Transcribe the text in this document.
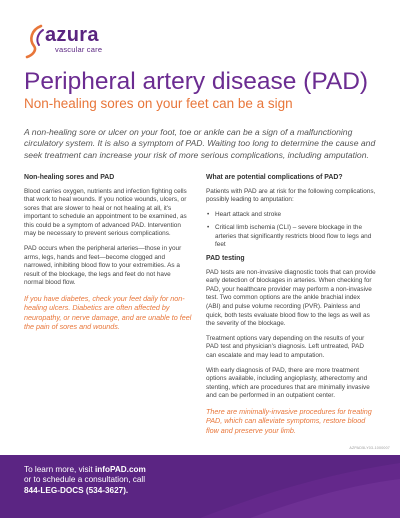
azura
vascular care
Peripheral artery disease (PAD)
Non-healing sores on your feet can be a sign
A non-healing sore or ulcer on your foot, toe or ankle can be a sign of a malfunctioning circulatory system. It is also a symptom of PAD. Waiting too long to determine the cause and seek treatment can increase your risk of more serious complications, including amputation.
Non-healing sores and PAD
Blood carries oxygen, nutrients and infection fighting cells that work to heal wounds. If you notice wounds, ulcers, or sores that are slower to heal or not healing at all, it's important to schedule an appointment to be examined, as this could be a symptom of advanced PAD. Intervention may be necessary to prevent serious complications.
PAD occurs when the peripheral arteries—those in your arms, legs, hands and feet—become clogged and narrowed, inhibiting blood flow to your extremities. As a result of the blockage, the legs and feet do not have normal blood flow.
If you have diabetes, check your feet daily for non-healing ulcers. Diabetics are often affected by neuropathy, or nerve damage, and are unable to feel the pain of sores and wounds.
What are potential complications of PAD?
Patients with PAD are at risk for the following complications, possibly leading to amputation:
• Heart attack and stroke
• Critical limb ischemia (CLI) – severe blockage in the arteries that significantly restricts blood flow to legs and feet
PAD testing
PAD tests are non-invasive diagnostic tools that can provide early detection of blockages in arteries. When checking for PAD, your healthcare provider may perform a non-invasive test. Two common options are the ankle brachial index (ABI) and pulse volume recording (PVR). Painless and quick, both tests evaluate blood flow to the legs as well as the severity of the blockage.
Treatment options vary depending on the results of your PAD test and physician's diagnosis. Left untreated, PAD can escalate and may lead to amputation.
With early diagnosis of PAD, there are more treatment options available, including angioplasty, atherectomy and stenting, which are procedures that are minimally invasive and can be performed in an outpatient center.
There are minimally-invasive procedures for treating PAD, which can alleviate symptoms, restore blood flow and preserve your limb.
AZPAD5LY03-1000007
To learn more, visit infoPAD.com
or to schedule a consultation, call
844-LEG-DOCS (534-3627).
